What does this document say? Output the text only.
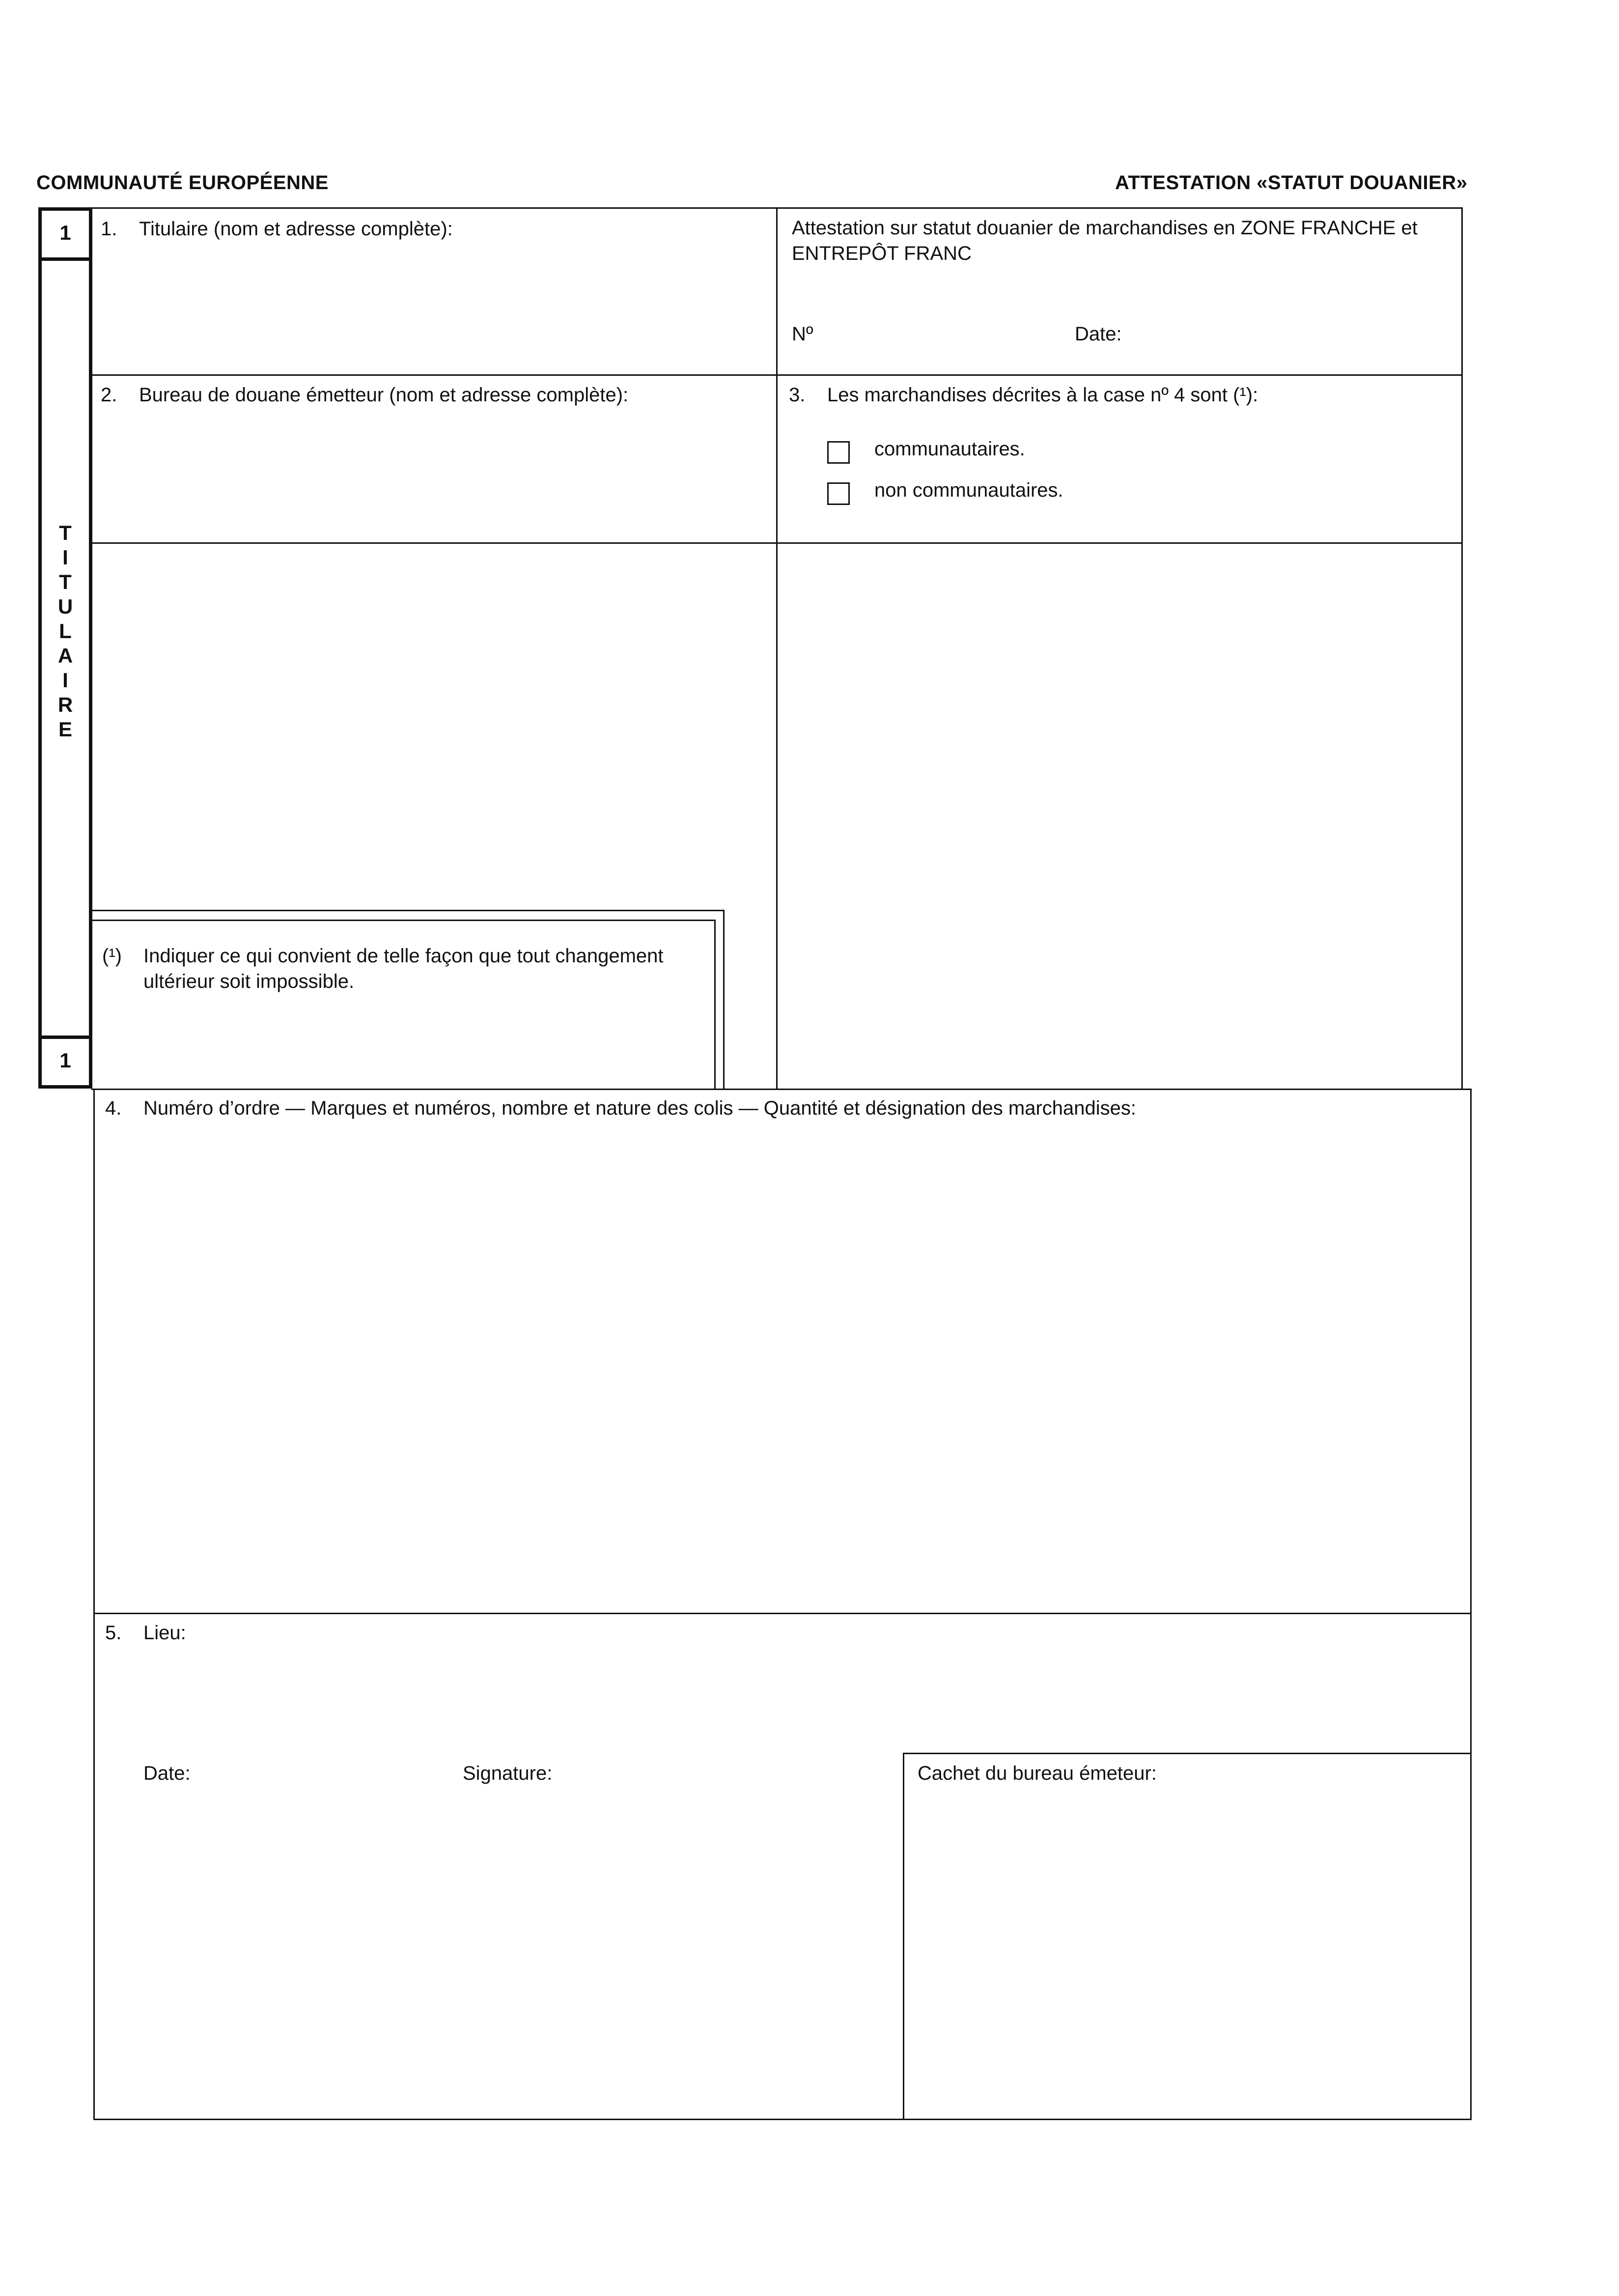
COMMUNAUTÉ EUROPÉENNE	ATTESTATION «STATUT DOUANIER»
1
T
I
T
U
L
A
I
R
E
1
1. Titulaire (nom et adresse complète):	Attestation sur statut douanier de marchandises en ZONE FRANCHE et
ENTREPÔT FRANC
Nº	Date:
2. Bureau de douane émetteur (nom et adresse complète):	3. Les marchandises décrites à la case nº 4 sont (¹):
communautaires.
non communautaires.
(¹) Indiquer ce qui convient de telle façon que tout changement
ultérieur soit impossible.
4. Numéro d’ordre — Marques et numéros, nombre et nature des colis — Quantité et désignation des marchandises:
5. Lieu:
Date:	Signature:	Cachet du bureau émeteur:
